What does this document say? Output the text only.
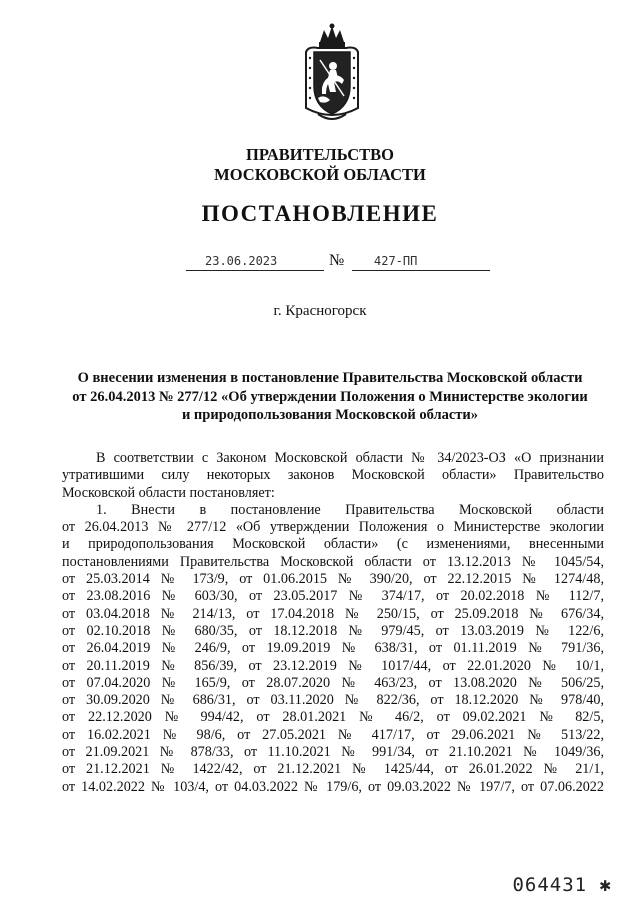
ПРАВИТЕЛЬСТВО
МОСКОВСКОЙ ОБЛАСТИ
ПОСТАНОВЛЕНИЕ
23.06.2023	№ 427-ПП
г. Красногорск
О внесении изменения в постановление Правительства Московской области
от 26.04.2013 № 277/12 «Об утверждении Положения о Министерстве экологии
и природопользования Московской области»

В соответствии с Законом Московской области № 34/2023-ОЗ «О признании

утратившими силу некоторых законов Московской области» Правительство

Московской области постановляет:

1. Внести в постановление Правительства Московской области

от 26.04.2013 № 277/12 «Об утверждении Положения о Министерстве экологии

и природопользования Московской области» (с изменениями, внесенными

постановлениями Правительства Московской области от 13.12.2013 № 1045/54,

от 25.03.2014 № 173/9, от 01.06.2015 № 390/20, от 22.12.2015 № 1274/48,

от 23.08.2016 № 603/30, от 23.05.2017 № 374/17, от 20.02.2018 № 112/7,

от 03.04.2018 № 214/13, от 17.04.2018 № 250/15, от 25.09.2018 № 676/34,

от 02.10.2018 № 680/35, от 18.12.2018 № 979/45, от 13.03.2019 № 122/6,

от 26.04.2019 № 246/9, от 19.09.2019 № 638/31, от 01.11.2019 № 791/36,

от 20.11.2019 № 856/39, от 23.12.2019 № 1017/44, от 22.01.2020 № 10/1,

от 07.04.2020 № 165/9, от 28.07.2020 № 463/23, от 13.08.2020 № 506/25,

от 30.09.2020 № 686/31, от 03.11.2020 № 822/36, от 18.12.2020 № 978/40,

от 22.12.2020 № 994/42, от 28.01.2021 № 46/2, от 09.02.2021 № 82/5,

от 16.02.2021 № 98/6, от 27.05.2021 № 417/17, от 29.06.2021 № 513/22,

от 21.09.2021 № 878/33, от 11.10.2021 № 991/34, от 21.10.2021 № 1049/36,

от 21.12.2021 № 1422/42, от 21.12.2021 № 1425/44, от 26.01.2022 № 21/1,

от 14.02.2022 № 103/4, от 04.03.2022 № 179/6, от 09.03.2022 № 197/7, от 07.06.2022

064431 ✱
